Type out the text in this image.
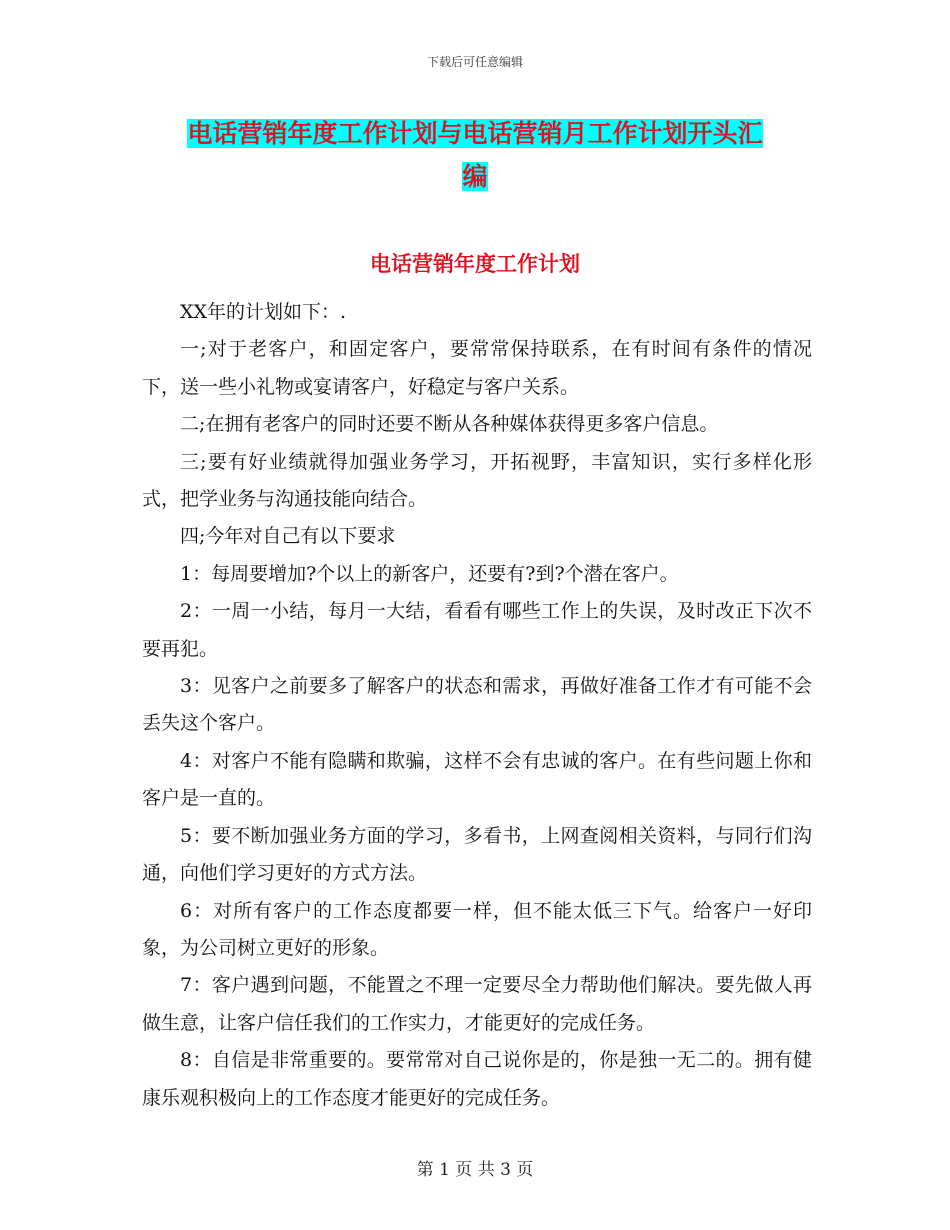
下载后可任意编辑
电话营销年度工作计划与电话营销月工作计划开头汇
编
电话营销年度工作计划

XX年的计划如下：.

一;对于老客户，和固定客户，要常常保持联系，在有时间有条件的情况下，送一些小礼物或宴请客户，好稳定与客户关系。

二;在拥有老客户的同时还要不断从各种媒体获得更多客户信息。

三;要有好业绩就得加强业务学习，开拓视野，丰富知识，实行多样化形式，把学业务与沟通技能向结合。

四;今年对自己有以下要求

1：每周要增加?个以上的新客户，还要有?到?个潜在客户。

2：一周一小结，每月一大结，看看有哪些工作上的失误，及时改正下次不要再犯。

3：见客户之前要多了解客户的状态和需求，再做好准备工作才有可能不会丢失这个客户。

4：对客户不能有隐瞒和欺骗，这样不会有忠诚的客户。在有些问题上你和客户是一直的。

5：要不断加强业务方面的学习，多看书，上网查阅相关资料，与同行们沟通，向他们学习更好的方式方法。

6：对所有客户的工作态度都要一样，但不能太低三下气。给客户一好印象，为公司树立更好的形象。

7：客户遇到问题，不能置之不理一定要尽全力帮助他们解决。要先做人再做生意，让客户信任我们的工作实力，才能更好的完成任务。

8：自信是非常重要的。要常常对自己说你是的，你是独一无二的。拥有健康乐观积极向上的工作态度才能更好的完成任务。

第 1 页 共 3 页
